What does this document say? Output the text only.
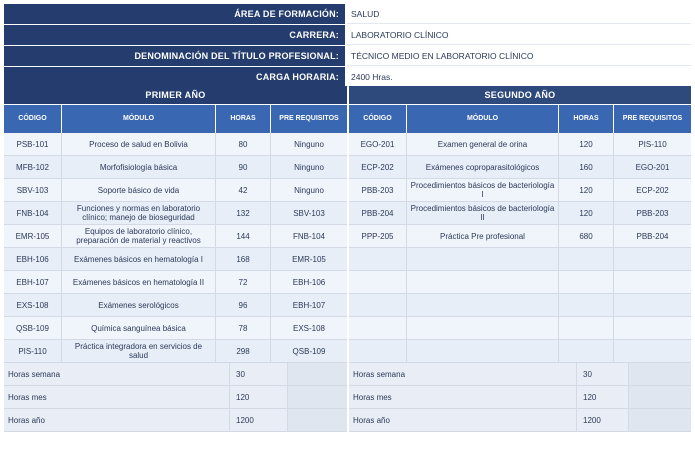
ÁREA DE FORMACIÓN:	SALUD
CARRERA:	LABORATORIO CLÍNICO
DENOMINACIÓN DEL TÍTULO PROFESIONAL:	TÉCNICO MEDIO EN LABORATORIO CLÍNICO
CARGA HORARIA:	2400 Hras.
PRIMER AÑO
CÓDIGO	MÓDULO	HORAS	PRE REQUISITOS
PSB-101	Proceso de salud en Bolivia	80	Ninguno
MFB-102	Morfofisiología básica	90	Ninguno
SBV-103	Soporte básico de vida	42	Ninguno
FNB-104	Funciones y normas en laboratorio clínico; manejo de bioseguridad	132	SBV-103
EMR-105	Equipos de laboratorio clínico, preparación de material y reactivos	144	FNB-104
EBH-106	Exámenes básicos en hematología I	168	EMR-105
EBH-107	Exámenes básicos en hematología II	72	EBH-106
EXS-108	Exámenes serológicos	96	EBH-107
QSB-109	Química sanguínea básica	78	EXS-108
PIS-110	Práctica integradora en servicios de salud	298	QSB-109
Horas semana	30
Horas mes	120
Horas año	1200
SEGUNDO AÑO
CÓDIGO	MÓDULO	HORAS	PRE REQUISITOS
EGO-201	Examen general de orina	120	PIS-110
ECP-202	Exámenes coproparasitológicos	160	EGO-201
PBB-203	Procedimientos básicos de bacteriología I	120	ECP-202
PBB-204	Procedimientos básicos de bacteriología II	120	PBB-203
PPP-205	Práctica Pre profesional	680	PBB-204
Horas semana	30
Horas mes	120
Horas año	1200
